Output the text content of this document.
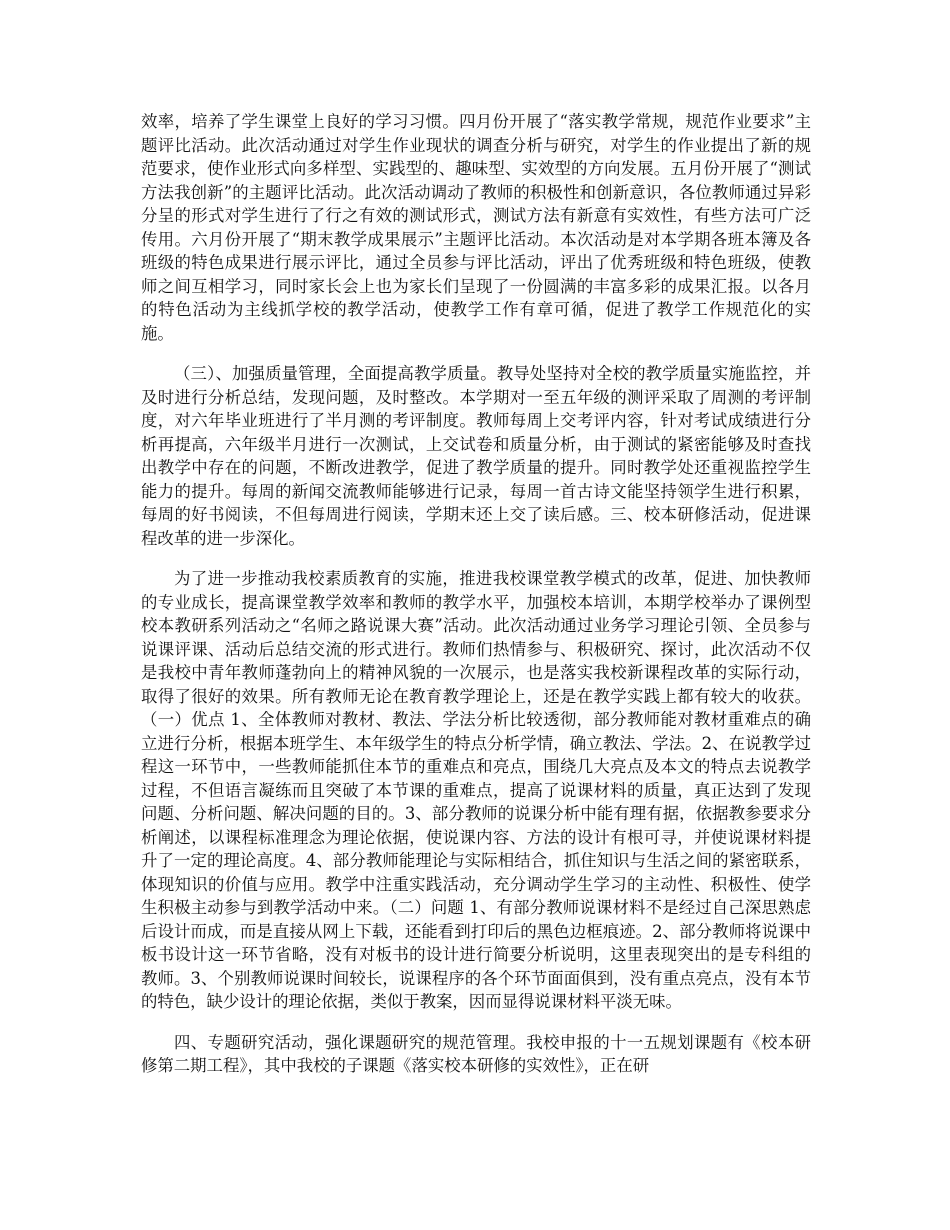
效率，培养了学生课堂上良好的学习习惯。四月份开展了“落实教学常规，规范作业要求”主题评比活动。此次活动通过对学生作业现状的调查分析与研究，对学生的作业提出了新的规范要求，使作业形式向多样型、实践型的、趣味型、实效型的方向发展。五月份开展了“测试方法我创新”的主题评比活动。此次活动调动了教师的积极性和创新意识，各位教师通过异彩分呈的形式对学生进行了行之有效的测试形式，测试方法有新意有实效性，有些方法可广泛传用。六月份开展了“期末教学成果展示”主题评比活动。本次活动是对本学期各班本簿及各班级的特色成果进行展示评比，通过全员参与评比活动，评出了优秀班级和特色班级，使教师之间互相学习，同时家长会上也为家长们呈现了一份圆满的丰富多彩的成果汇报。以各月的特色活动为主线抓学校的教学活动，使教学工作有章可循，促进了教学工作规范化的实施。

（三）、加强质量管理，全面提高教学质量。教导处坚持对全校的教学质量实施监控，并及时进行分析总结，发现问题，及时整改。本学期对一至五年级的测评采取了周测的考评制度，对六年毕业班进行了半月测的考评制度。教师每周上交考评内容，针对考试成绩进行分析再提高，六年级半月进行一次测试，上交试卷和质量分析，由于测试的紧密能够及时查找出教学中存在的问题，不断改进教学，促进了教学质量的提升。同时教学处还重视监控学生能力的提升。每周的新闻交流教师能够进行记录，每周一首古诗文能坚持领学生进行积累，每周的好书阅读，不但每周进行阅读，学期末还上交了读后感。三、校本研修活动，促进课程改革的进一步深化。

为了进一步推动我校素质教育的实施，推进我校课堂教学模式的改革，促进、加快教师的专业成长，提高课堂教学效率和教师的教学水平，加强校本培训，本期学校举办了课例型校本教研系列活动之“名师之路说课大赛”活动。此次活动通过业务学习理论引领、全员参与说课评课、活动后总结交流的形式进行。教师们热情参与、积极研究、探讨，此次活动不仅是我校中青年教师蓬勃向上的精神风貌的一次展示，也是落实我校新课程改革的实际行动，取得了很好的效果。所有教师无论在教育教学理论上，还是在教学实践上都有较大的收获。（一）优点 1、全体教师对教材、教法、学法分析比较透彻，部分教师能对教材重难点的确立进行分析，根据本班学生、本年级学生的特点分析学情，确立教法、学法。2、在说教学过程这一环节中，一些教师能抓住本节的重难点和亮点，围绕几大亮点及本文的特点去说教学过程，不但语言凝练而且突破了本节课的重难点，提高了说课材料的质量，真正达到了发现问题、分析问题、解决问题的目的。3、部分教师的说课分析中能有理有据，依据教参要求分析阐述，以课程标准理念为理论依据，使说课内容、方法的设计有根可寻，并使说课材料提升了一定的理论高度。4、部分教师能理论与实际相结合，抓住知识与生活之间的紧密联系，体现知识的价值与应用。教学中注重实践活动，充分调动学生学习的主动性、积极性、使学生积极主动参与到教学活动中来。（二）问题 1、有部分教师说课材料不是经过自己深思熟虑后设计而成，而是直接从网上下载，还能看到打印后的黑色边框痕迹。2、部分教师将说课中板书设计这一环节省略，没有对板书的设计进行简要分析说明，这里表现突出的是专科组的教师。3、个别教师说课时间较长，说课程序的各个环节面面俱到，没有重点亮点，没有本节的特色，缺少设计的理论依据，类似于教案，因而显得说课材料平淡无味。

四、专题研究活动，强化课题研究的规范管理。我校申报的十一五规划课题有《校本研修第二期工程》，其中我校的子课题《落实校本研修的实效性》，正在研
